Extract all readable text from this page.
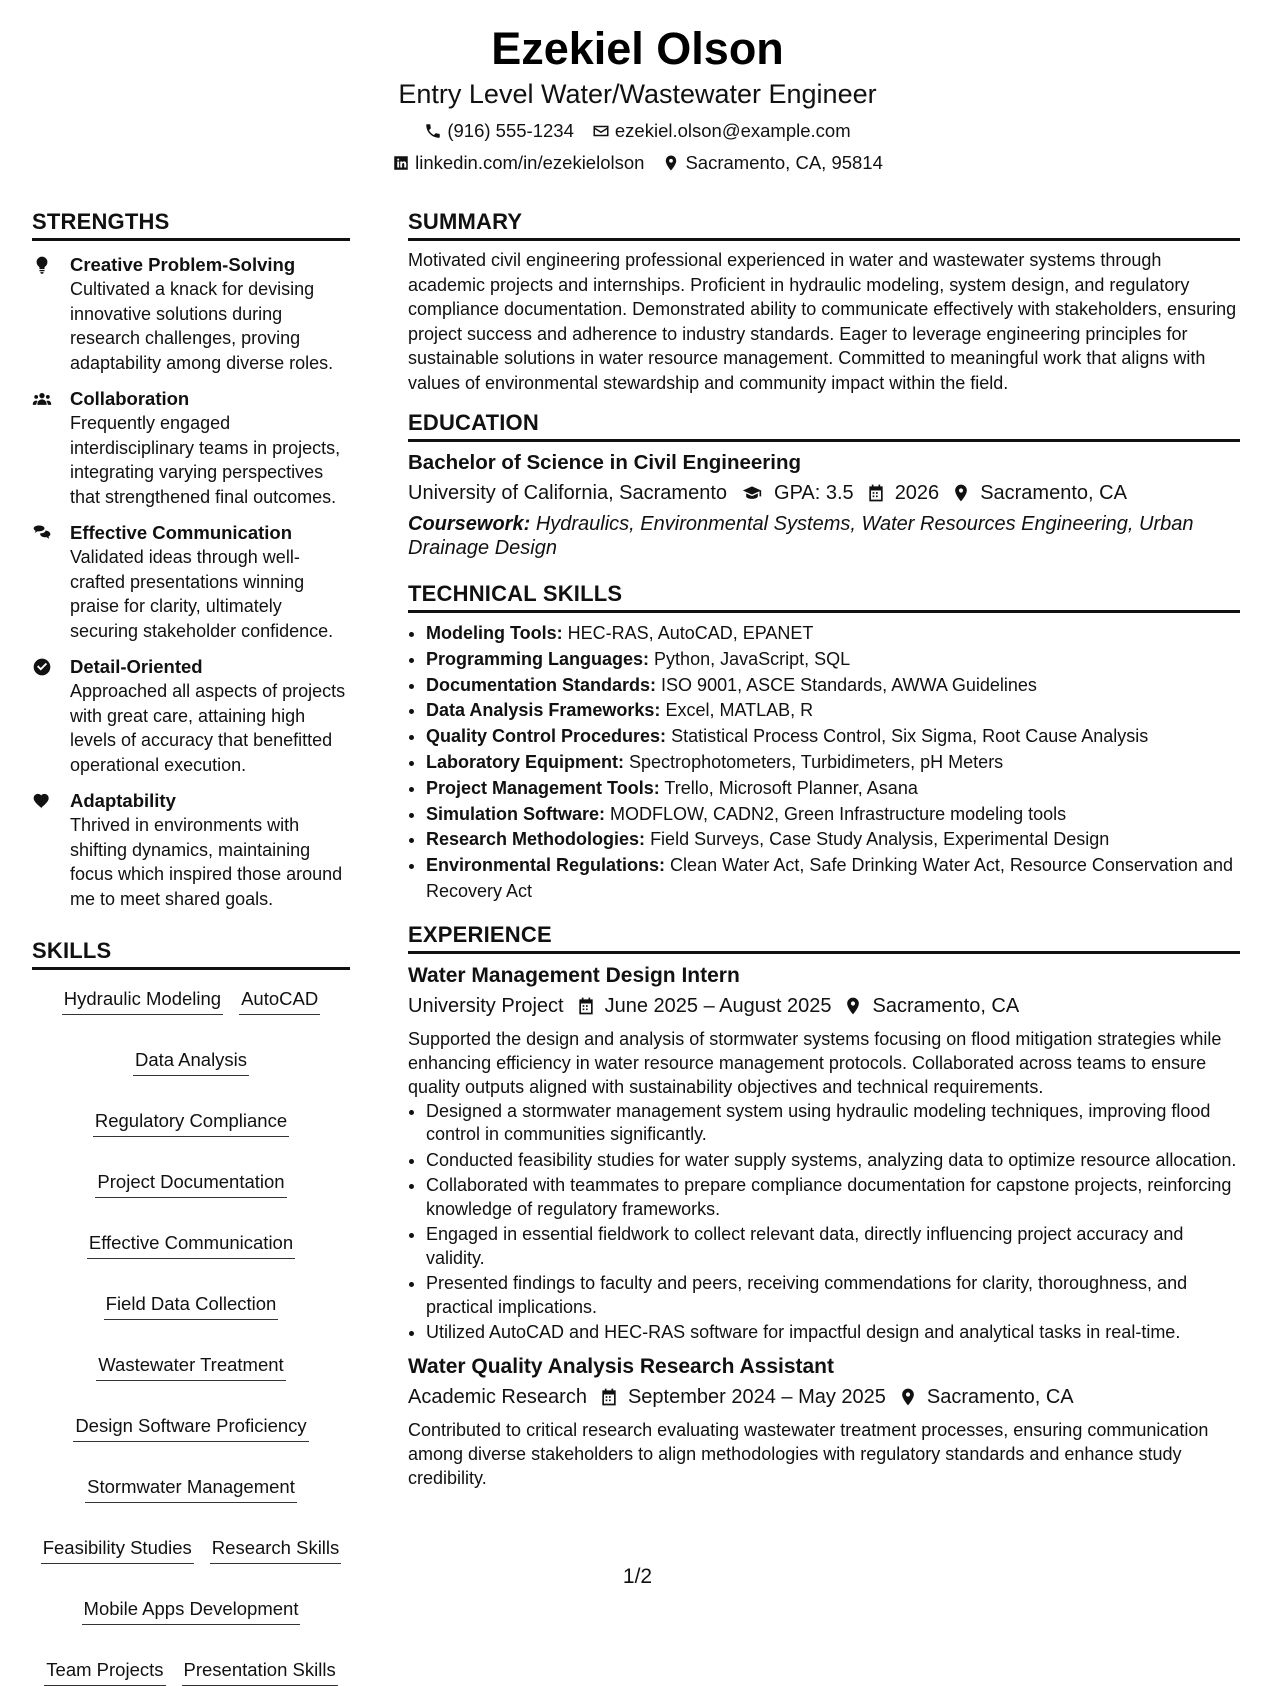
Ezekiel Olson
Entry Level Water/Wastewater Engineer
(916) 555-1234 ezekiel.olson@example.com
linkedin.com/in/ezekielolson Sacramento, CA, 95814
STRENGTHS
Creative Problem-Solving
Cultivated a knack for devising innovative solutions during research challenges, proving adaptability among diverse roles.
Collaboration
Frequently engaged interdisciplinary teams in projects, integrating varying perspectives that strengthened final outcomes.
Effective Communication
Validated ideas through well-crafted presentations winning praise for clarity, ultimately securing stakeholder confidence.
Detail-Oriented
Approached all aspects of projects with great care, attaining high levels of accuracy that benefitted operational execution.
Adaptability
Thrived in environments with shifting dynamics, maintaining focus which inspired those around me to meet shared goals.
SKILLS
Hydraulic Modeling AutoCAD
Data Analysis
Regulatory Compliance
Project Documentation
Effective Communication
Field Data Collection
Wastewater Treatment
Design Software Proficiency
Stormwater Management
Feasibility Studies Research Skills
Mobile Apps Development
Team Projects Presentation Skills
SUMMARY
Motivated civil engineering professional experienced in water and wastewater systems through academic projects and internships. Proficient in hydraulic modeling, system design, and regulatory compliance documentation. Demonstrated ability to communicate effectively with stakeholders, ensuring project success and adherence to industry standards. Eager to leverage engineering principles for sustainable solutions in water resource management. Committed to meaningful work that aligns with values of environmental stewardship and community impact within the field.
EDUCATION
Bachelor of Science in Civil Engineering
University of California, Sacramento GPA: 3.5 2026 Sacramento, CA
Coursework: Hydraulics, Environmental Systems, Water Resources Engineering, Urban Drainage Design
TECHNICAL SKILLS
• Modeling Tools: HEC-RAS, AutoCAD, EPANET
• Programming Languages: Python, JavaScript, SQL
• Documentation Standards: ISO 9001, ASCE Standards, AWWA Guidelines
• Data Analysis Frameworks: Excel, MATLAB, R
• Quality Control Procedures: Statistical Process Control, Six Sigma, Root Cause Analysis
• Laboratory Equipment: Spectrophotometers, Turbidimeters, pH Meters
• Project Management Tools: Trello, Microsoft Planner, Asana
• Simulation Software: MODFLOW, CADN2, Green Infrastructure modeling tools
• Research Methodologies: Field Surveys, Case Study Analysis, Experimental Design
• Environmental Regulations: Clean Water Act, Safe Drinking Water Act, Resource Conservation and Recovery Act
EXPERIENCE
Water Management Design Intern
University Project June 2025 – August 2025 Sacramento, CA
Supported the design and analysis of stormwater systems focusing on flood mitigation strategies while enhancing efficiency in water resource management protocols. Collaborated across teams to ensure quality outputs aligned with sustainability objectives and technical requirements.
• Designed a stormwater management system using hydraulic modeling techniques, improving flood control in communities significantly.
• Conducted feasibility studies for water supply systems, analyzing data to optimize resource allocation.
• Collaborated with teammates to prepare compliance documentation for capstone projects, reinforcing knowledge of regulatory frameworks.
• Engaged in essential fieldwork to collect relevant data, directly influencing project accuracy and validity.
• Presented findings to faculty and peers, receiving commendations for clarity, thoroughness, and practical implications.
• Utilized AutoCAD and HEC-RAS software for impactful design and analytical tasks in real-time.
Water Quality Analysis Research Assistant
Academic Research September 2024 – May 2025 Sacramento, CA
Contributed to critical research evaluating wastewater treatment processes, ensuring communication among diverse stakeholders to align methodologies with regulatory standards and enhance study credibility.
1/2
